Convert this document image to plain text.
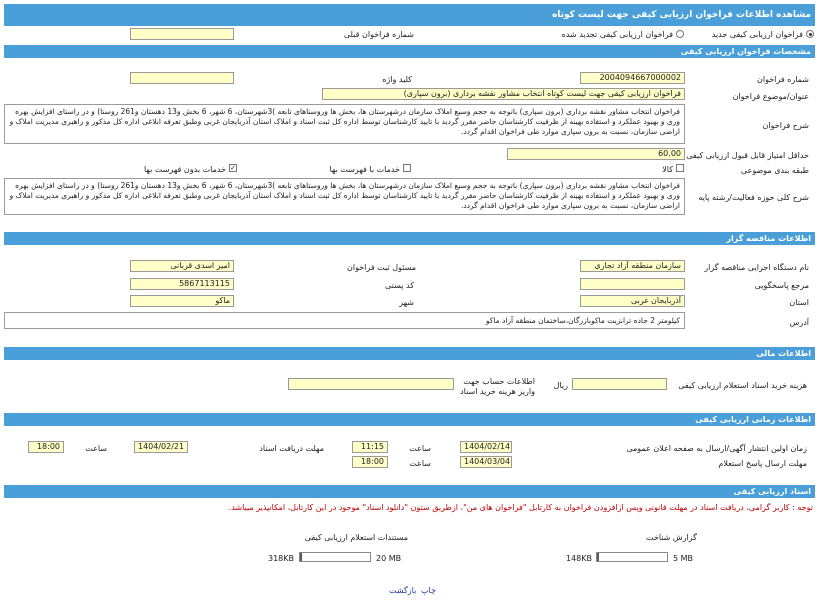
مشاهده اطلاعات فراخوان ارزیابی کیفی جهت لیست کوتاه
فراخوان ارزیابی کیفی جدید
فراخوان ارزیابی کیفی تجدید شده
شماره فراخوان قبلی
مشخصات فراخوان ارزیابی کیفی
شماره فراخوان
2004094667000002
کلید واژه
عنوان/موضوع فراخوان
فراخوان ارزیابی کیفی جهت لیست کوتاه انتخاب مشاور نقشه برداری (برون سپاری)
شرح فراخوان
فراخوان انتخاب مشاور نقشه برداری (برون سپاری) باتوجه به حجم وسیع املاک سازمان درشهرستان ها، بخش ها وروستاهای تابعه )3شهرستان، 6 شهر، 6 بخش و13 دهستان و261 روستا) و در راستای افزایش بهره وری و بهبود عملکرد و استفاده بهینه از ظرفیت کارشناسان حاضر مقرر گردید با تایید کارشناسان توسط اداره کل ثبت اسناد و املاک استان آذربایجان غربی وطبق تعرفه ابلاغی اداره کل مذکور و راهبری مدیریت املاک و اراضی سازمان، نسبت به برون سپاری موارد طی فراخوان اقدام گردد.
حداقل امتیاز قابل قبول ارزیابی کیفی
60.00
طبقه بندی موضوعی
کالا
خدمات با فهرست بها
✓
خدمات بدون فهرست بها
شرح کلی حوزه فعالیت/رشته پایه
فراخوان انتخاب مشاور نقشه برداری (برون سپاری) باتوجه به حجم وسیع املاک سازمان درشهرستان ها، بخش ها وروستاهای تابعه )3شهرستان، 6 شهر، 6 بخش و13 دهستان و261 روستا) و در راستای افزایش بهره وری و بهبود عملکرد و استفاده بهینه از ظرفیت کارشناسان حاضر مقرر گردید با تایید کارشناسان توسط اداره کل ثبت اسناد و املاک استان آذربایجان غربی وطبق تعرفه ابلاغی اداره کل مذکور و راهبری مدیریت املاک و اراضی سازمان، نسبت به برون سپاری موارد طی فراخوان اقدام گردد.
اطلاعات مناقصه گزار
نام دستگاه اجرایی مناقصه گزار
سازمان منطقه آزاد تجاری
مسئول ثبت فراخوان
امیر اسدی قربانی
مرجع پاسخگویی
کد پستی
5867113115
استان
آذربایجان غربی
شهر
ماکو
آدرس
کیلومتر 2 جاده ترانزیت ماکوبازرگان،ساختمان منطقه آزاد ماکو
اطلاعات مالی
هزینه خرید اسناد استعلام ارزیابی کیفی
ریال
اطلاعات حساب جهت
واریز هزینه خرید اسناد
اطلاعات زمانی ارزیابی کیفی
زمان اولین انتشار آگهی/ارسال به صفحه اعلان عمومی
1404/02/14
ساعت
11:15
مهلت دریافت اسناد
1404/02/21
ساعت
18:00
مهلت ارسال پاسخ استعلام
1404/03/04
ساعت
18:00
اسناد ارزیابی کیفی
توجه : کاربر گرامی، دریافت اسناد در مهلت قانونی وپس ازافزودن فراخوان به کارتابل "فراخوان های من"، ازطریق ستون "دانلود اسناد" موجود در این کارتابل، امکانپذیر میباشد.
گزارش شناخت
148KB	5 MB
مستندات استعلام ارزیابی کیفی
318KB	20 MB
چاپ
بازگشت
